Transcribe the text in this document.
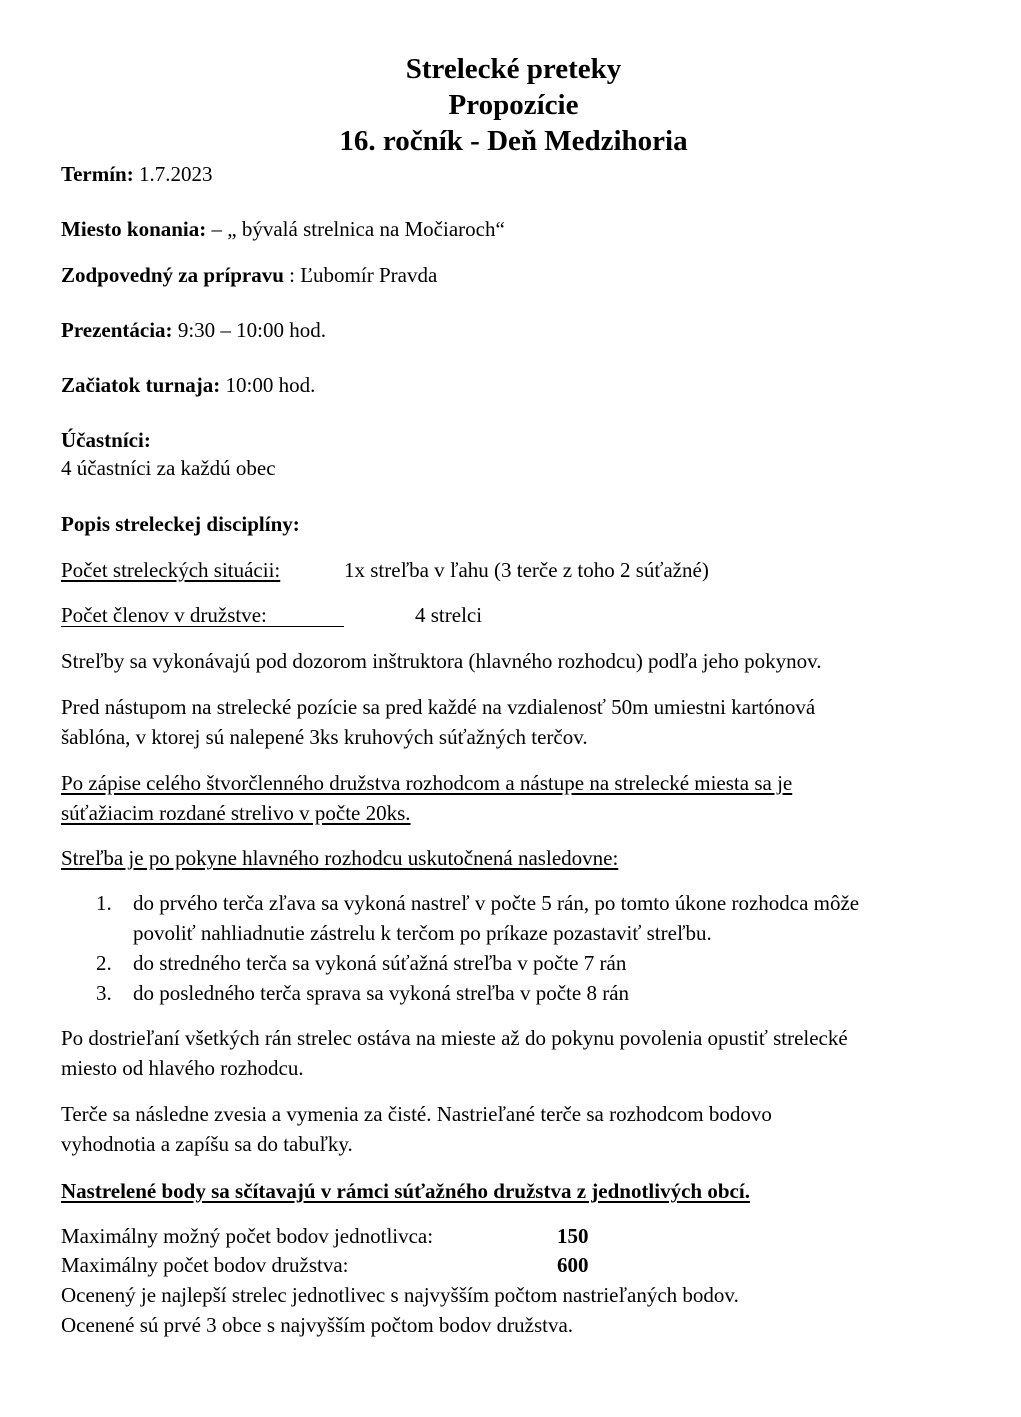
Strelecké preteky
Propozície
16. ročník - Deň Medzihoria
Termín: 1.7.2023
Miesto konania: – „ bývalá strelnica na Močiaroch“
Zodpovedný za prípravu : Ľubomír Pravda
Prezentácia: 9:30 – 10:00 hod.
Začiatok turnaja: 10:00 hod.
Účastníci:
4 účastníci za každú obec
Popis streleckej disciplíny:
Počet streleckých situácii:	1x streľba v ľahu (3 terče z toho 2 súťažné)
Počet členov v družstve:	4 strelci
Streľby sa vykonávajú pod dozorom inštruktora (hlavného rozhodcu) podľa jeho pokynov.
Pred nástupom na strelecké pozície sa pred každé na vzdialenosť 50m umiestni kartónová
šablóna, v ktorej sú nalepené 3ks kruhových súťažných terčov.
Po zápise celého štvorčlenného družstva rozhodcom a nástupe na strelecké miesta sa je
súťažiacim rozdané strelivo v počte 20ks.
Streľba je po pokyne hlavného rozhodcu uskutočnená nasledovne:
1.	do prvého terča zľava sa vykoná nastreľ v počte 5 rán, po tomto úkone rozhodca môže
povoliť nahliadnutie zástrelu k terčom po príkaze pozastaviť streľbu.
2.	do stredného terča sa vykoná súťažná streľba v počte 7 rán
3.	do posledného terča sprava sa vykoná streľba v počte 8 rán
Po dostrieľaní všetkých rán strelec ostáva na mieste až do pokynu povolenia opustiť strelecké
miesto od hlavého rozhodcu.
Terče sa následne zvesia a vymenia za čisté. Nastrieľané terče sa rozhodcom bodovo
vyhodnotia a zapíšu sa do tabuľky.
Nastrelené body sa sčítavajú v rámci súťažného družstva z jednotlivých obcí.
Maximálny možný počet bodov jednotlivca:	150
Maximálny počet bodov družstva:	600
Ocenený je najlepší strelec jednotlivec s najvyšším počtom nastrieľaných bodov.
Ocenené sú prvé 3 obce s najvyšším počtom bodov družstva.
